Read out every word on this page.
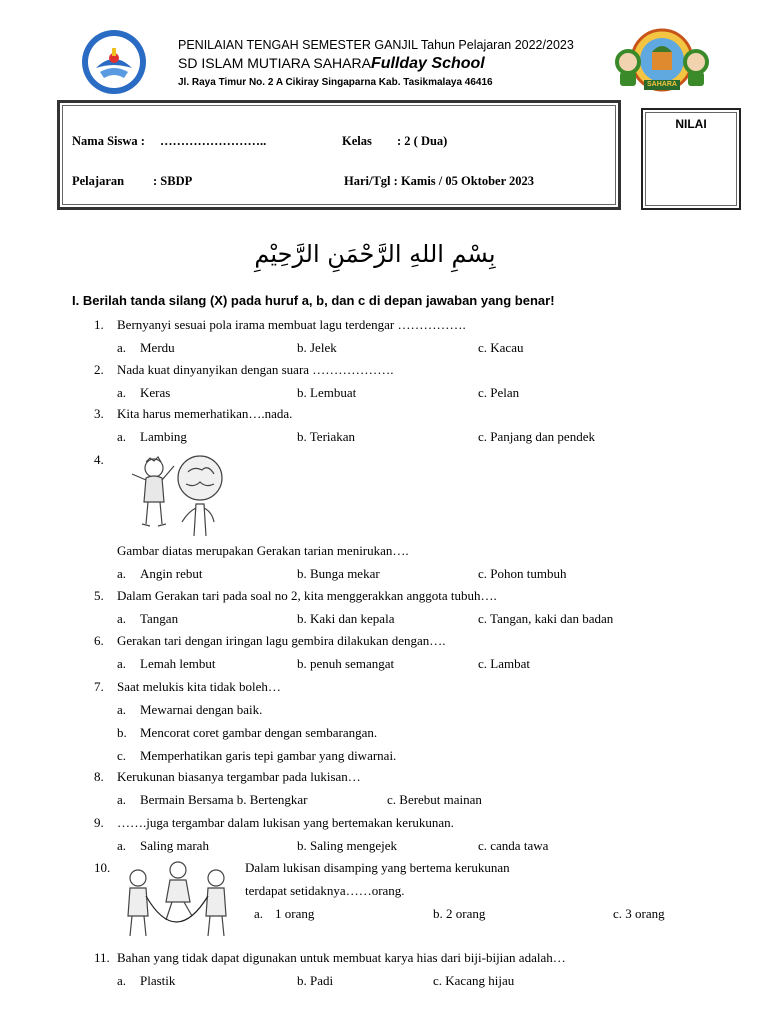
PENILAIAN TENGAH SEMESTER GANJIL Tahun Pelajaran 2022/2023
SD ISLAM MUTIARA SAHARAFullday School
Jl. Raya Timur No. 2 A Cikiray Singaparna Kab. Tasikmalaya 46416	SAHARA
Nama Siswa : ……………………..	Kelas : 2 ( Dua)
Pelajaran : SBDP	Hari/Tgl : Kamis / 05 Oktober 2023
NILAI
بِسْمِ اللهِ الرَّحْمَنِ الرَّحِيْمِ
I. Berilah tanda silang (X) pada huruf a, b, dan c di depan jawaban yang benar!
1. Bernyanyi sesuai pola irama membuat lagu terdengar …………….
a. Merdu	b. Jelek	c. Kacau
2. Nada kuat dinyanyikan dengan suara ……………….
a. Keras	b. Lembuat	c. Pelan
3. Kita harus memerhatikan….nada.
a. Lambing	b. Teriakan	c. Panjang dan pendek
4.
Gambar diatas merupakan Gerakan tarian menirukan….
a. Angin rebut	b. Bunga mekar	c. Pohon tumbuh
5. Dalam Gerakan tari pada soal no 2, kita menggerakkan anggota tubuh….
a. Tangan	b. Kaki dan kepala	c. Tangan, kaki dan badan
6. Gerakan tari dengan iringan lagu gembira dilakukan dengan….
a. Lemah lembut	b. penuh semangat	c. Lambat
7. Saat melukis kita tidak boleh…
a. Mewarnai dengan baik.
b. Mencorat coret gambar dengan sembarangan.
c. Memperhatikan garis tepi gambar yang diwarnai.
8. Kerukunan biasanya tergambar pada lukisan…
a. Bermain Bersama b. Bertengkar	c. Berebut mainan
9. …….juga tergambar dalam lukisan yang bertemakan kerukunan.
a. Saling marah	b. Saling mengejek	c. canda tawa
10.	Dalam lukisan disamping yang bertema kerukunan
terdapat setidaknya……orang.
a. 1 orang	b. 2 orang	c. 3 orang
11. Bahan yang tidak dapat digunakan untuk membuat karya hias dari biji-bijian adalah…
a. Plastik	b. Padi	c. Kacang hijau
